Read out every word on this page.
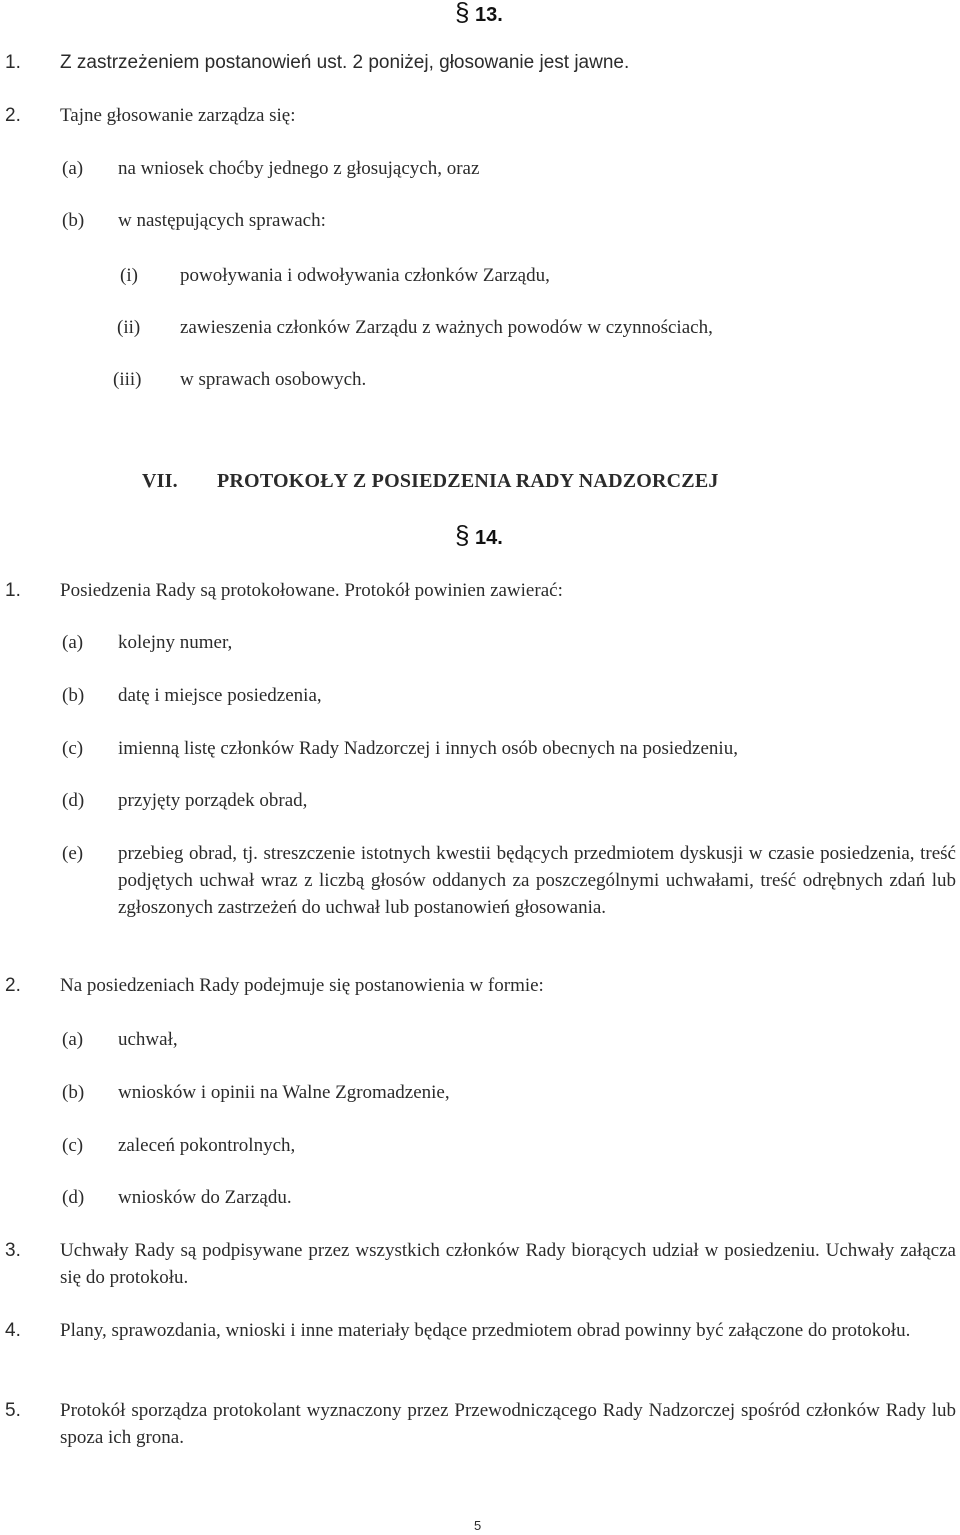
§ 13.
1. Z zastrzeżeniem postanowień ust. 2 poniżej, głosowanie jest jawne.
2. Tajne głosowanie zarządza się:
(a) na wniosek choćby jednego z głosujących, oraz
(b) w następujących sprawach:
(i) powoływania i odwoływania członków Zarządu,
(ii) zawieszenia członków Zarządu z ważnych powodów w czynnościach,
(iii) w sprawach osobowych.
VII. PROTOKOŁY Z POSIEDZENIA RADY NADZORCZEJ
§ 14.
1. Posiedzenia Rady są protokołowane. Protokół powinien zawierać:
(a) kolejny numer,
(b) datę i miejsce posiedzenia,
(c) imienną listę członków Rady Nadzorczej i innych osób obecnych na posiedzeniu,
(d) przyjęty porządek obrad,
(e) przebieg obrad, tj. streszczenie istotnych kwestii będących przedmiotem dyskusji w czasie posiedzenia, treść podjętych uchwał wraz z liczbą głosów oddanych za poszczególnymi uchwałami, treść odrębnych zdań lub zgłoszonych zastrzeżeń do uchwał lub postanowień głosowania.
2. Na posiedzeniach Rady podejmuje się postanowienia w formie:
(a) uchwał,
(b) wniosków i opinii na Walne Zgromadzenie,
(c) zaleceń pokontrolnych,
(d) wniosków do Zarządu.
3. Uchwały Rady są podpisywane przez wszystkich członków Rady biorących udział w posiedzeniu. Uchwały załącza się do protokołu.
4. Plany, sprawozdania, wnioski i inne materiały będące przedmiotem obrad powinny być załączone do protokołu.
5. Protokół sporządza protokolant wyznaczony przez Przewodniczącego Rady Nadzorczej spośród członków Rady lub spoza ich grona.
5
